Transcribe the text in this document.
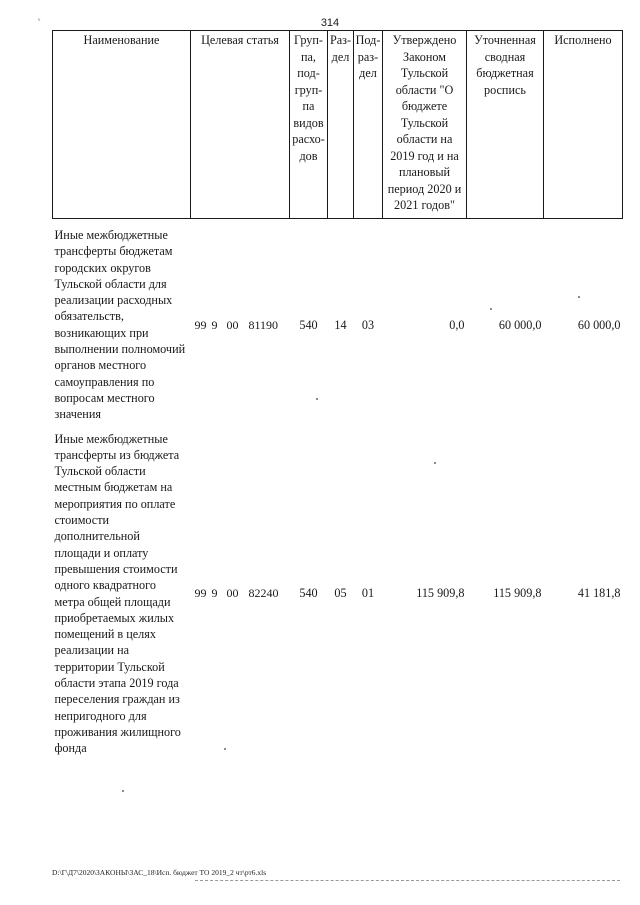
314
ᵛ
Наименование	Целевая статья	Груп-па, под-груп-па видов расхо-дов	Раз-дел	Под-раз-дел	Утверждено Законом Тульской области "О бюджете Тульской области на 2019 год и на плановый период 2020 и 2021 годов"	Уточненная сводная бюджетная роспись	Исполнено
Иные межбюджетные трансферты бюджетам городских округов Тульской области для реализации расходных обязательств, возникающих при выполнении полномочий органов местного самоуправления по вопросам местного значения	99 9 00 81190	540	14	03	0,0	60 000,0	60 000,0
Иные межбюджетные трансферты из бюджета Тульской области местным бюджетам на мероприятия по оплате стоимости дополнительной площади и оплату превышения стоимости одного квадратного метра общей площади приобретаемых жилых помещений в целях реализации на территории Тульской области этапа 2019 года переселения граждан из непригодного для проживания жилищного фонда	99 9 00 82240	540	05	01	115 909,8	115 909,8	41 181,8
D:\Г\Д7\2020\ЗАКОНЫ\ЗАС_18\Исп. бюджет ТО 2019_2 чт\рт6.xls
